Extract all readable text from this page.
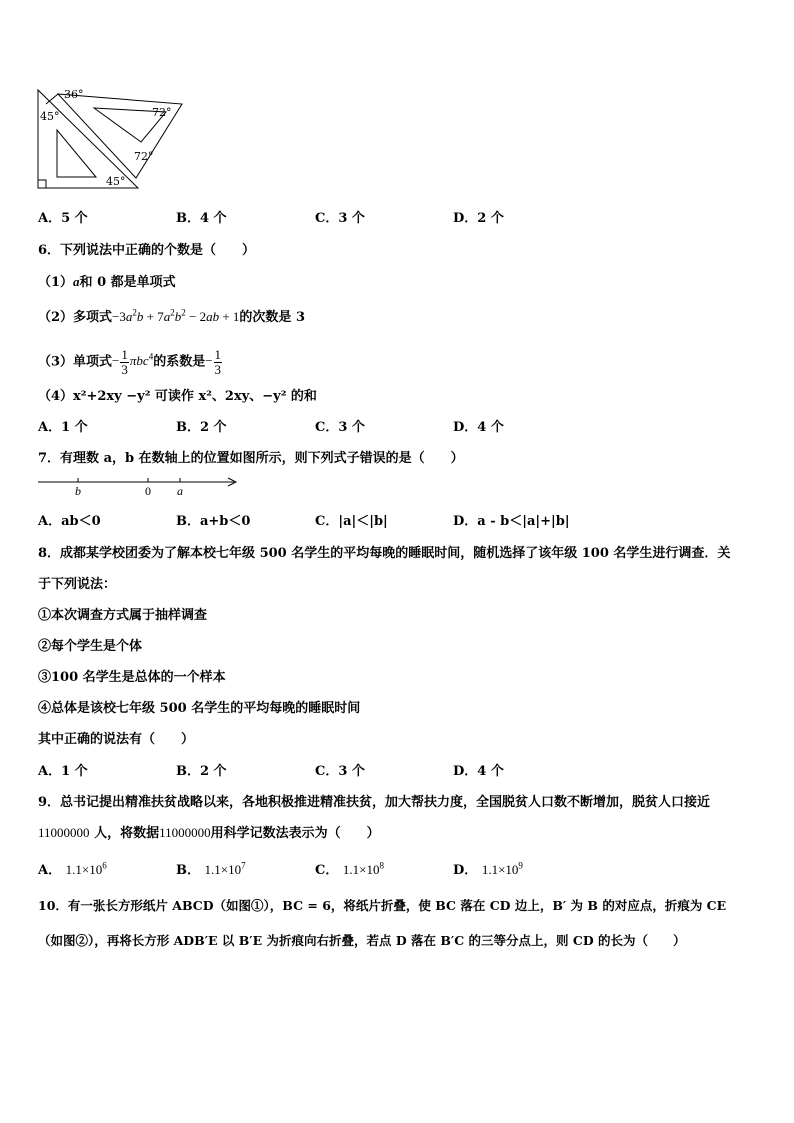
36°
72°
45°
72°
45°
A．5 个	B．4 个	C．3 个	D．2 个
6．下列说法中正确的个数是（　　）
（1）a和 0 都是单项式
（2）多项式$-3a^2b + 7a^2b^2 - 2ab + 1$的次数是 3
（3）单项式− $\frac{1}{3} \pi bc^4$的系数是− $\frac{1}{3}$
（4）x²+2xy −y² 可读作 x²、2xy、−y² 的和
A．1 个	B．2 个	C．3 个	D．4 个
7．有理数 a，b 在数轴上的位置如图所示，则下列式子错误的是（　　）
b	0 a
A．ab＜0	B．a+b＜0	C．|a|＜|b|	D．a - b＜|a|+|b|
8．成都某学校团委为了解本校七年级 500 名学生的平均每晚的睡眠时间，随机选择了该年级 100 名学生进行调查．关
于下列说法：
①本次调查方式属于抽样调查
②每个学生是个体
③100 名学生是总体的一个样本
④总体是该校七年级 500 名学生的平均每晚的睡眠时间
其中正确的说法有（　　）
A．1 个	B．2 个	C．3 个	D．4 个
9．总书记提出精准扶贫战略以来，各地积极推进精准扶贫，加大帮扶力度，全国脱贫人口数不断增加，脱贫人口接近
11000000 人，将数据11000000用科学记数法表示为（　　）
A． $1.1\times 10^6$	B． $1.1\times 10^7$	C． $1.1\times 10^8$	D． $1.1\times 10^9$
10．有一张长方形纸片 ABCD（如图①），BC = 6，将纸片折叠，使 BC 落在 CD 边上，B′ 为 B 的对应点，折痕为 CE
（如图②），再将长方形 ADB′E 以 B′E 为折痕向右折叠，若点 D 落在 B′C 的三等分点上，则 CD 的长为（　　）
